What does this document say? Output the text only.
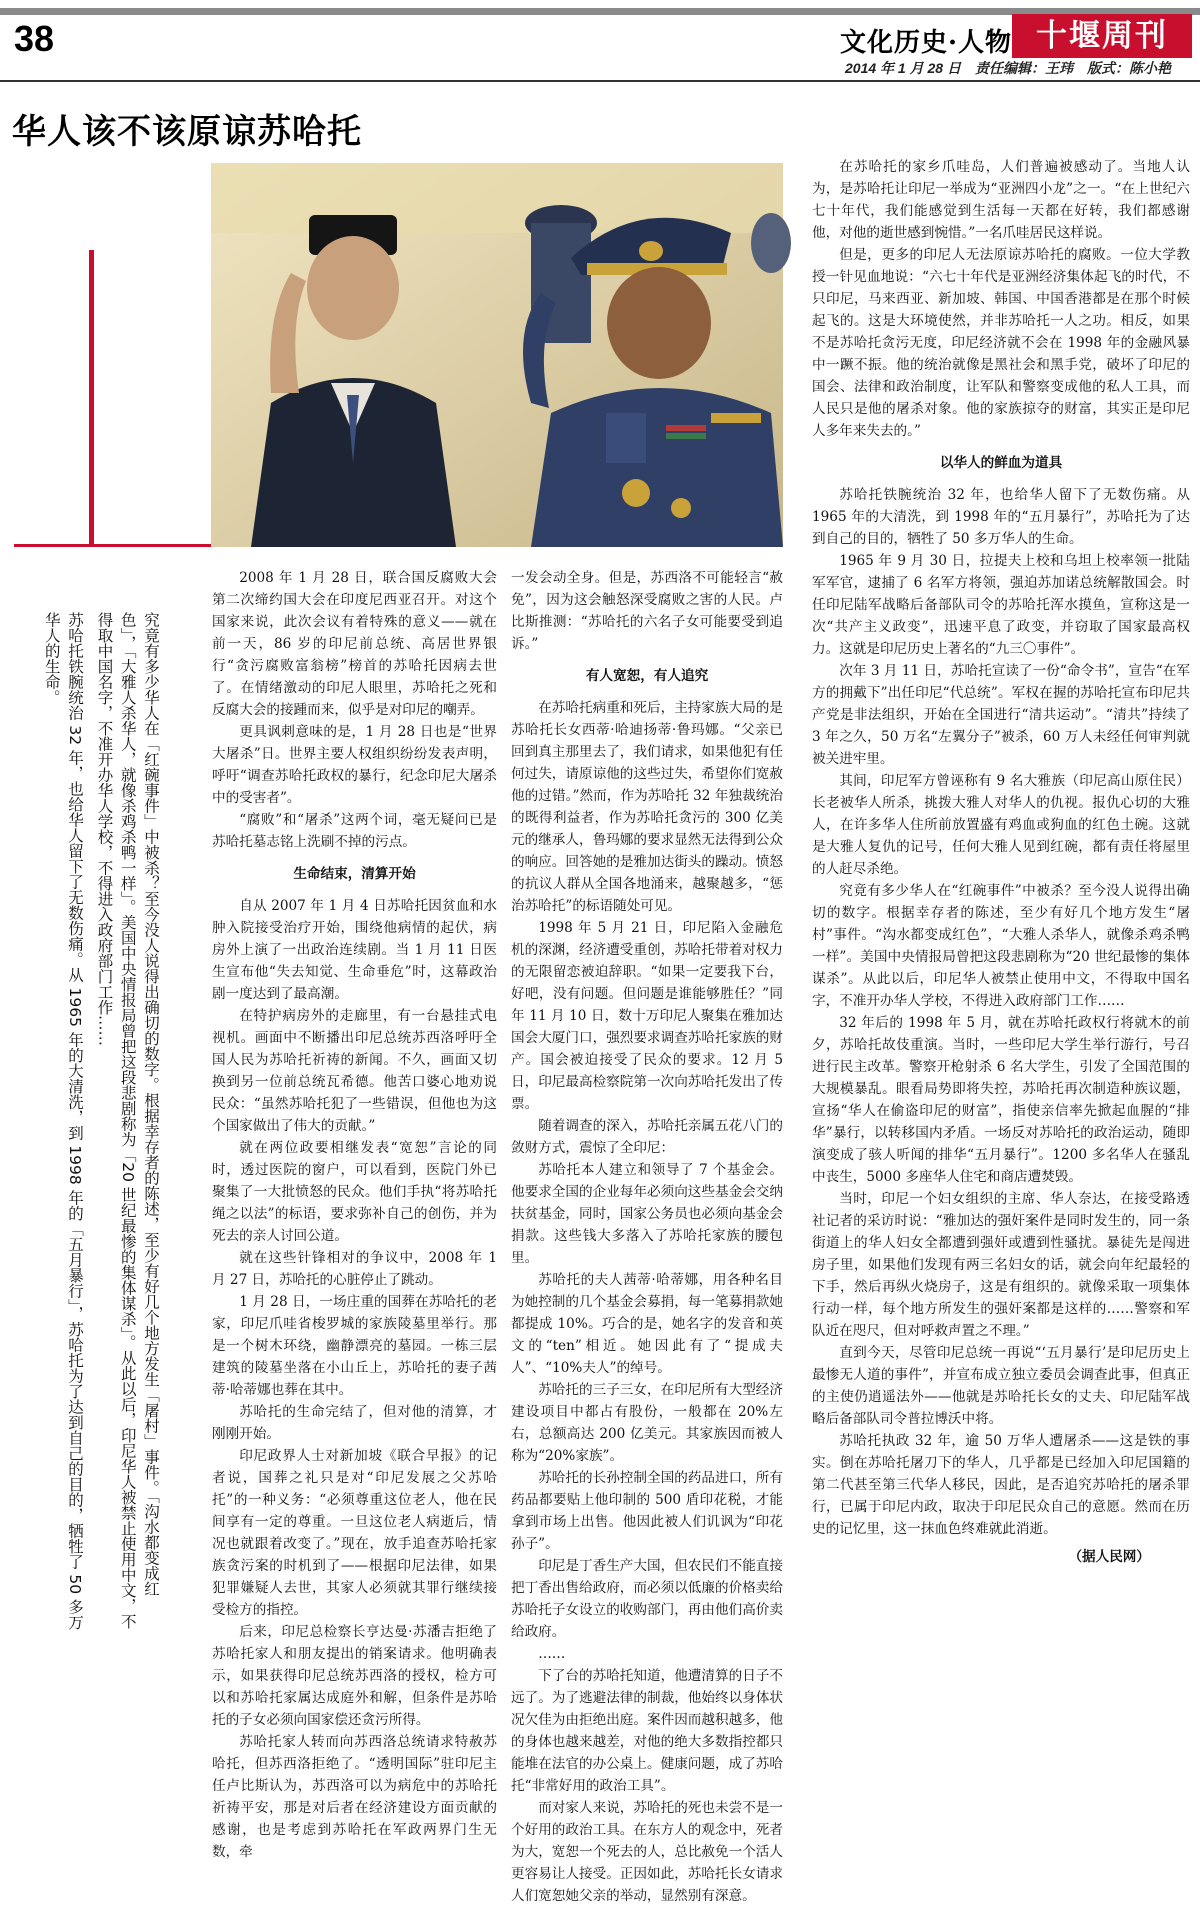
38	文化历史·人物 十堰周刊
2014 年 1 月 28 日　责任编辑：王玮　版式：陈小艳
华人该不该原谅苏哈托
苏哈托铁腕统治 32 年，也给华人留下了无数伤痛。从 1965 年的大清洗，到 1998 年的「五月暴行」，苏哈托为了达到自己的目的，牺牲了 50 多万华人的生命。	究竟有多少华人在「红碗事件」中被杀？至今没人说得出确切的数字。根据幸存者的陈述，至少有好几个地方发生「屠村」事件。「沟水都变成红色」，「大雅人杀华人，就像杀鸡杀鸭一样」。美国中央情报局曾把这段悲剧称为「20 世纪最惨的集体谋杀」。从此以后，印尼华人被禁止使用中文，不得取中国名字，不准开办华人学校，不得进入政府部门工作……

2008 年 1 月 28 日，联合国反腐败大会第二次缔约国大会在印度尼西亚召开。对这个国家来说，此次会议有着特殊的意义——就在前一天，86 岁的印尼前总统、高居世界银行“贪污腐败富翁榜”榜首的苏哈托因病去世了。在情绪激动的印尼人眼里，苏哈托之死和反腐大会的接踵而来，似乎是对印尼的嘲弄。

更具讽刺意味的是，1 月 28 日也是“世界大屠杀”日。世界主要人权组织纷纷发表声明，呼吁“调查苏哈托政权的暴行，纪念印尼大屠杀中的受害者”。

“腐败”和“屠杀”这两个词，毫无疑问已是苏哈托墓志铭上洗刷不掉的污点。

生命结束，清算开始

自从 2007 年 1 月 4 日苏哈托因贫血和水肿入院接受治疗开始，围绕他病情的起伏，病房外上演了一出政治连续剧。当 1 月 11 日医生宣布他“失去知觉、生命垂危”时，这幕政治剧一度达到了最高潮。

在特护病房外的走廊里，有一台悬挂式电视机。画面中不断播出印尼总统苏西洛呼吁全国人民为苏哈托祈祷的新闻。不久，画面又切换到另一位前总统瓦希德。他苦口婆心地劝说民众：“虽然苏哈托犯了一些错误，但他也为这个国家做出了伟大的贡献。”

就在两位政要相继发表“宽恕”言论的同时，透过医院的窗户，可以看到，医院门外已聚集了一大批愤怒的民众。他们手执“将苏哈托绳之以法”的标语，要求弥补自己的创伤，并为死去的亲人讨回公道。

就在这些针锋相对的争议中，2008 年 1 月 27 日，苏哈托的心脏停止了跳动。

1 月 28 日，一场庄重的国葬在苏哈托的老家，印尼爪哇省梭罗城的家族陵墓里举行。那是一个树木环绕，幽静漂亮的墓园。一栋三层建筑的陵墓坐落在小山丘上，苏哈托的妻子茜蒂·哈蒂娜也葬在其中。

苏哈托的生命完结了，但对他的清算，才刚刚开始。

印尼政界人士对新加坡《联合早报》的记者说，国葬之礼只是对“印尼发展之父苏哈托”的一种义务：“必须尊重这位老人，他在民间享有一定的尊重。一旦这位老人病逝后，情况也就跟着改变了。”现在，放手追查苏哈托家族贪污案的时机到了——根据印尼法律，如果犯罪嫌疑人去世，其家人必须就其罪行继续接受检方的指控。

后来，印尼总检察长亨达曼·苏潘吉拒绝了苏哈托家人和朋友提出的销案请求。他明确表示，如果获得印尼总统苏西洛的授权，检方可以和苏哈托家属达成庭外和解，但条件是苏哈托的子女必须向国家偿还贪污所得。

苏哈托家人转而向苏西洛总统请求特赦苏哈托，但苏西洛拒绝了。“透明国际”驻印尼主任卢比斯认为，苏西洛可以为病危中的苏哈托祈祷平安，那是对后者在经济建设方面贡献的感谢，也是考虑到苏哈托在军政两界门生无数，牵

一发会动全身。但是，苏西洛不可能轻言“赦免”，因为这会触怒深受腐败之害的人民。卢比斯推测：“苏哈托的六名子女可能要受到追诉。”

有人宽恕，有人追究

在苏哈托病重和死后，主持家族大局的是苏哈托长女西蒂·哈迪扬蒂·鲁玛娜。“父亲已回到真主那里去了，我们请求，如果他犯有任何过失，请原谅他的这些过失，希望你们宽赦他的过错。”然而，作为苏哈托 32 年独裁统治的既得利益者，作为苏哈托贪污的 300 亿美元的继承人，鲁玛娜的要求显然无法得到公众的响应。回答她的是雅加达街头的躁动。愤怒的抗议人群从全国各地涌来，越聚越多，“惩治苏哈托”的标语随处可见。

1998 年 5 月 21 日，印尼陷入金融危机的深渊，经济遭受重创，苏哈托带着对权力的无限留恋被迫辞职。“如果一定要我下台，好吧，没有问题。但问题是谁能够胜任？”同年 11 月 10 日，数十万印尼人聚集在雅加达国会大厦门口，强烈要求调查苏哈托家族的财产。国会被迫接受了民众的要求。12 月 5 日，印尼最高检察院第一次向苏哈托发出了传票。

随着调查的深入，苏哈托亲属五花八门的敛财方式，震惊了全印尼：

苏哈托本人建立和领导了 7 个基金会。他要求全国的企业每年必须向这些基金会交纳扶贫基金，同时，国家公务员也必须向基金会捐款。这些钱大多落入了苏哈托家族的腰包里。

苏哈托的夫人茜蒂·哈蒂娜，用各种名目为她控制的几个基金会募捐，每一笔募捐款她都提成 10%。巧合的是，她名字的发音和英文的“ten”相近。她因此有了“提成夫人”、“10%夫人”的绰号。

苏哈托的三子三女，在印尼所有大型经济建设项目中都占有股份，一般都在 20%左右，总额高达 200 亿美元。其家族因而被人称为“20%家族”。

苏哈托的长孙控制全国的药品进口，所有药品都要贴上他印制的 500 盾印花税，才能拿到市场上出售。他因此被人们讥讽为“印花孙子”。

印尼是丁香生产大国，但农民们不能直接把丁香出售给政府，而必须以低廉的价格卖给苏哈托子女设立的收购部门，再由他们高价卖给政府。

……

下了台的苏哈托知道，他遭清算的日子不远了。为了逃避法律的制裁，他始终以身体状况欠佳为由拒绝出庭。案件因而越积越多，他的身体也越来越差，对他的绝大多数指控都只能堆在法官的办公桌上。健康问题，成了苏哈托“非常好用的政治工具”。

而对家人来说，苏哈托的死也未尝不是一个好用的政治工具。在东方人的观念中，死者为大，宽恕一个死去的人，总比赦免一个活人更容易让人接受。正因如此，苏哈托长女请求人们宽恕她父亲的举动，显然别有深意。

在苏哈托的家乡爪哇岛，人们普遍被感动了。当地人认为，是苏哈托让印尼一举成为“亚洲四小龙”之一。“在上世纪六七十年代，我们能感觉到生活每一天都在好转，我们都感谢他，对他的逝世感到惋惜。”一名爪哇居民这样说。

但是，更多的印尼人无法原谅苏哈托的腐败。一位大学教授一针见血地说：“六七十年代是亚洲经济集体起飞的时代，不只印尼，马来西亚、新加坡、韩国、中国香港都是在那个时候起飞的。这是大环境使然，并非苏哈托一人之功。相反，如果不是苏哈托贪污无度，印尼经济就不会在 1998 年的金融风暴中一蹶不振。他的统治就像是黑社会和黑手党，破坏了印尼的国会、法律和政治制度，让军队和警察变成他的私人工具，而人民只是他的屠杀对象。他的家族掠夺的财富，其实正是印尼人多年来失去的。”

以华人的鲜血为道具

苏哈托铁腕统治 32 年，也给华人留下了无数伤痛。从 1965 年的大清洗，到 1998 年的“五月暴行”，苏哈托为了达到自己的目的，牺牲了 50 多万华人的生命。

1965 年 9 月 30 日，拉提夫上校和乌坦上校率领一批陆军军官，逮捕了 6 名军方将领，强迫苏加诺总统解散国会。时任印尼陆军战略后备部队司令的苏哈托浑水摸鱼，宣称这是一次“共产主义政变”，迅速平息了政变，并窃取了国家最高权力。这就是印尼历史上著名的“九三〇事件”。

次年 3 月 11 日，苏哈托宣读了一份“命令书”，宣告“在军方的拥戴下”出任印尼“代总统”。军权在握的苏哈托宣布印尼共产党是非法组织，开始在全国进行“清共运动”。“清共”持续了 3 年之久，50 万名“左翼分子”被杀，60 万人未经任何审判就被关进牢里。

其间，印尼军方曾诬称有 9 名大雅族（印尼高山原住民）长老被华人所杀，挑拨大雅人对华人的仇视。报仇心切的大雅人，在许多华人住所前放置盛有鸡血或狗血的红色土碗。这就是大雅人复仇的记号，任何大雅人见到红碗，都有责任将屋里的人赶尽杀绝。

究竟有多少华人在“红碗事件”中被杀？至今没人说得出确切的数字。根据幸存者的陈述，至少有好几个地方发生“屠村”事件。“沟水都变成红色”，“大雅人杀华人，就像杀鸡杀鸭一样”。美国中央情报局曾把这段悲剧称为“20 世纪最惨的集体谋杀”。从此以后，印尼华人被禁止使用中文，不得取中国名字，不准开办华人学校，不得进入政府部门工作……

32 年后的 1998 年 5 月，就在苏哈托政权行将就木的前夕，苏哈托故伎重演。当时，一些印尼大学生举行游行，号召进行民主改革。警察开枪射杀 6 名大学生，引发了全国范围的大规模暴乱。眼看局势即将失控，苏哈托再次制造种族议题，宣扬“华人在偷盗印尼的财富”，指使亲信率先掀起血腥的“排华”暴行，以转移国内矛盾。一场反对苏哈托的政治运动，随即演变成了骇人听闻的排华“五月暴行”。1200 多名华人在骚乱中丧生，5000 多座华人住宅和商店遭焚毁。

当时，印尼一个妇女组织的主席、华人奈达，在接受路透社记者的采访时说：“雅加达的强奸案件是同时发生的，同一条街道上的华人妇女全都遭到强奸或遭到性骚扰。暴徒先是闯进房子里，如果他们发现有两三名妇女的话，就会向年纪最轻的下手，然后再纵火烧房子，这是有组织的。就像采取一项集体行动一样，每个地方所发生的强奸案都是这样的……警察和军队近在咫尺，但对呼救声置之不理。”

直到今天，尽管印尼总统一再说“‘五月暴行’是印尼历史上最惨无人道的事件”，并宣布成立独立委员会调查此事，但真正的主使仍逍遥法外——他就是苏哈托长女的丈夫、印尼陆军战略后备部队司令普拉博沃中将。

苏哈托执政 32 年，逾 50 万华人遭屠杀——这是铁的事实。倒在苏哈托屠刀下的华人，几乎都是已经加入印尼国籍的第二代甚至第三代华人移民，因此，是否追究苏哈托的屠杀罪行，已属于印尼内政，取决于印尼民众自己的意愿。然而在历史的记忆里，这一抹血色终难就此消逝。

（据人民网）
